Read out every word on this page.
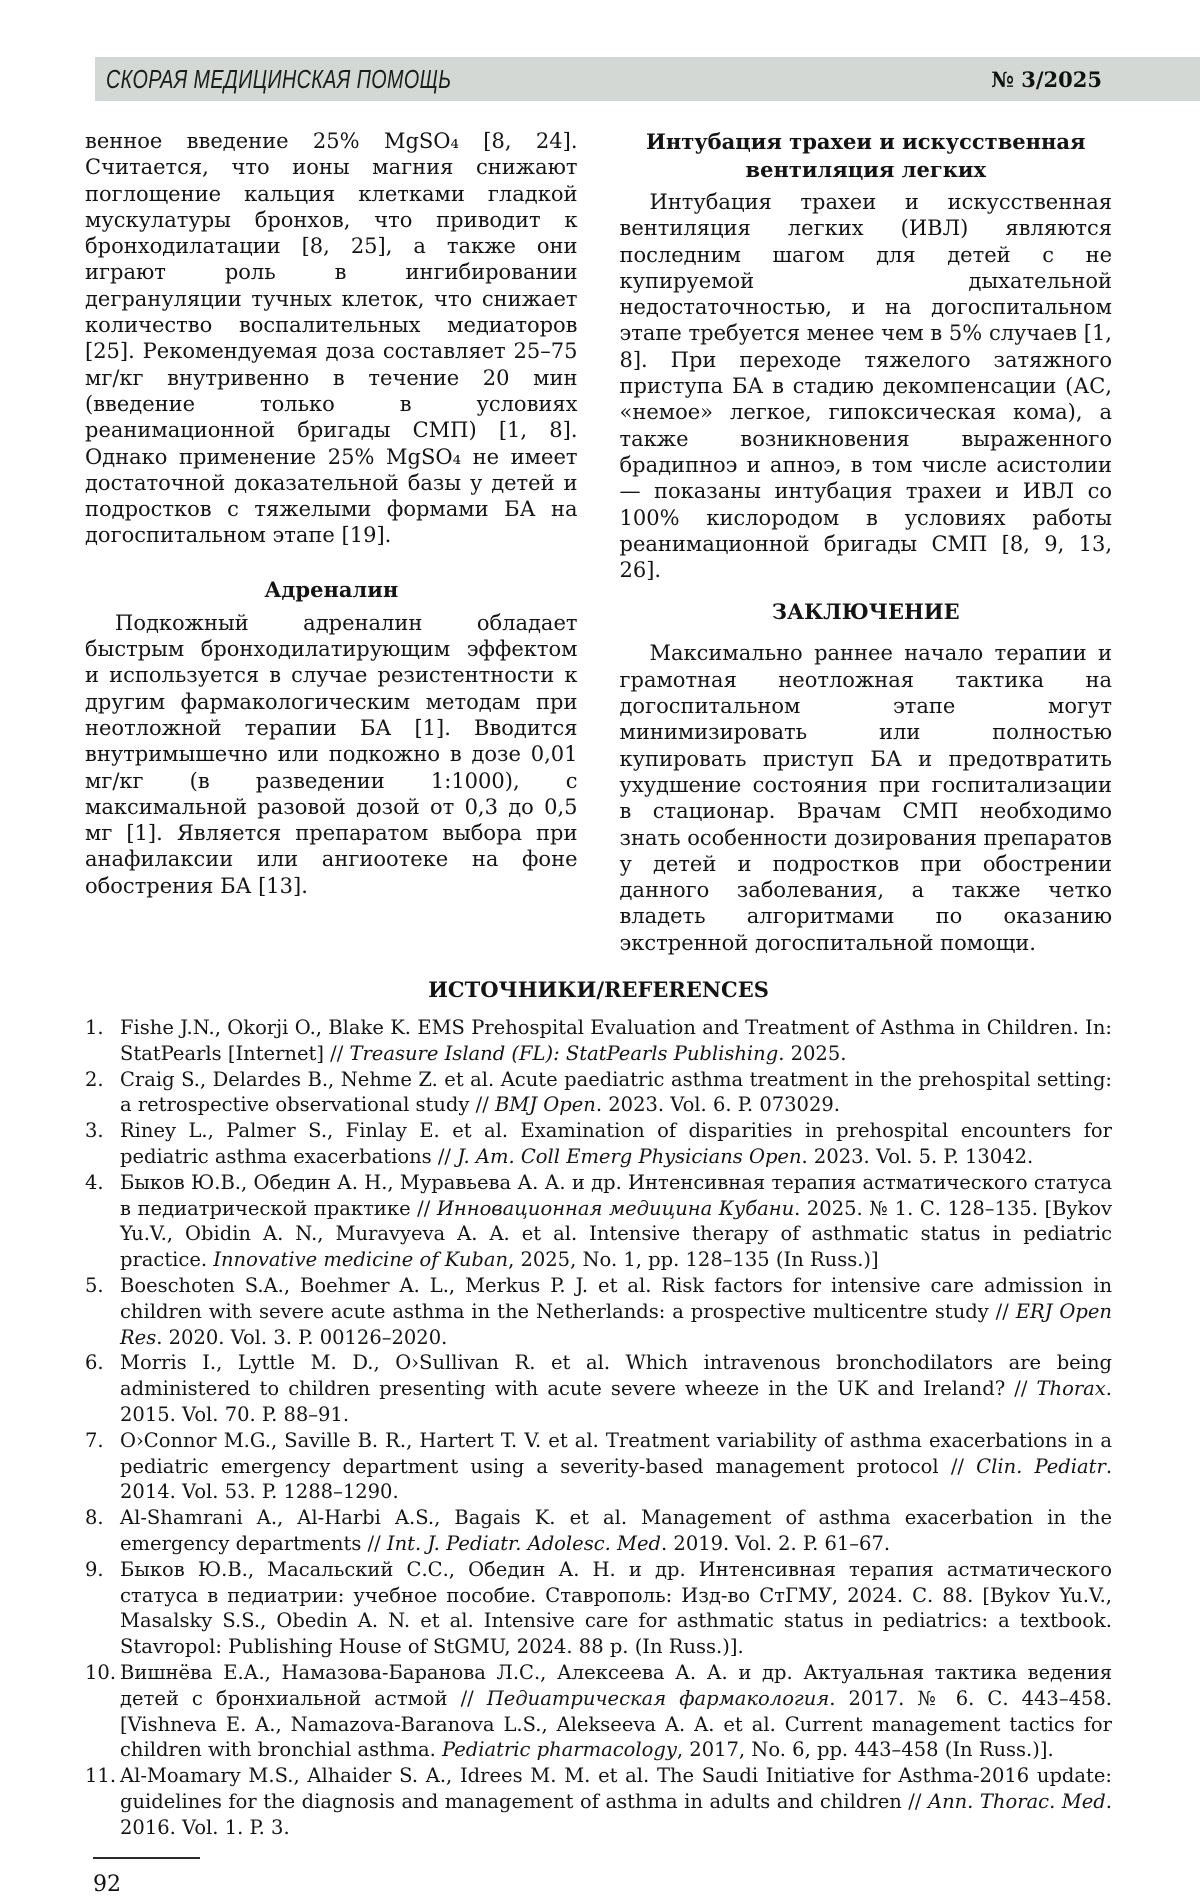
СКОРАЯ МЕДИЦИНСКАЯ ПОМОЩЬ	№ 3/2025

венное введение 25% MgSO₄ [8, 24]. Считается, что ионы магния снижают поглощение кальция клетками гладкой мускулатуры бронхов, что приводит к бронходилатации [8, 25], а также они играют роль в ингибировании дегрануляции тучных клеток, что снижает количество воспалительных медиаторов [25]. Рекомендуемая доза составляет 25–75 мг/кг внутривенно в течение 20 мин (введение только в условиях реанимационной бригады СМП) [1, 8]. Однако применение 25% MgSO₄ не имеет достаточной доказательной базы у детей и подростков с тяжелыми формами БА на догоспитальном этапе [19].

Адреналин

Подкожный адреналин обладает быстрым бронходилатирующим эффектом и используется в случае резистентности к другим фармакологическим методам при неотложной терапии БА [1]. Вводится внутримышечно или подкожно в дозе 0,01 мг/кг (в разведении 1:1000), с максимальной разовой дозой от 0,3 до 0,5 мг [1]. Является препаратом выбора при анафилаксии или ангиоотеке на фоне обострения БА [13].

Интубация трахеи и искусственная вентиляция легких

Интубация трахеи и искусственная вентиляция легких (ИВЛ) являются последним шагом для детей с не купируемой дыхательной недостаточностью, и на догоспитальном этапе требуется менее чем в 5% случаев [1, 8]. При переходе тяжелого затяжного приступа БА в стадию декомпенсации (АС, «немое» легкое, гипоксическая кома), а также возникновения выраженного брадипноэ и апноэ, в том числе асистолии — показаны интубация трахеи и ИВЛ со 100% кислородом в условиях работы реанимационной бригады СМП [8, 9, 13, 26].

ЗАКЛЮЧЕНИЕ

Максимально раннее начало терапии и грамотная неотложная тактика на догоспитальном этапе могут минимизировать или полностью купировать приступ БА и предотвратить ухудшение состояния при госпитализации в стационар. Врачам СМП необходимо знать особенности дозирования препаратов у детей и подростков при обострении данного заболевания, а также четко владеть алгоритмами по оказанию экстренной догоспитальной помощи.

ИСТОЧНИКИ/REFERENCES
1. Fishe J.N., Okorji O., Blake K. EMS Prehospital Evaluation and Treatment of Asthma in Children. In: StatPearls [Internet] // Treasure Island (FL): StatPearls Publishing. 2025.
2. Craig S., Delardes B., Nehme Z. et al. Acute paediatric asthma treatment in the prehospital setting: a retrospective observational study // BMJ Open. 2023. Vol. 6. P. 073029.
3. Riney L., Palmer S., Finlay E. et al. Examination of disparities in prehospital encounters for pediatric asthma exacerbations // J. Am. Coll Emerg Physicians Open. 2023. Vol. 5. P. 13042.
4. Быков Ю.В., Обедин А. Н., Муравьева А. А. и др. Интенсивная терапия астматического статуса в педиатрической практике // Инновационная медицина Кубани. 2025. № 1. С. 128–135. [Bykov Yu.V., Obidin A. N., Muravyeva A. A. et al. Intensive therapy of asthmatic status in pediatric practice. Innovative medicine of Kuban, 2025, No. 1, pp. 128–135 (In Russ.)]
5. Boeschoten S.A., Boehmer A. L., Merkus P. J. et al. Risk factors for intensive care admission in children with severe acute asthma in the Netherlands: a prospective multicentre study // ERJ Open Res. 2020. Vol. 3. P. 00126–2020.
6. Morris I., Lyttle M. D., O›Sullivan R. et al. Which intravenous bronchodilators are being administered to children presenting with acute severe wheeze in the UK and Ireland? // Thorax. 2015. Vol. 70. P. 88–91.
7. O›Connor M.G., Saville B. R., Hartert T. V. et al. Treatment variability of asthma exacerbations in a pediatric emergency department using a severity-based management protocol // Clin. Pediatr. 2014. Vol. 53. P. 1288–1290.
8. Al-Shamrani A., Al-Harbi A.S., Bagais K. et al. Management of asthma exacerbation in the emergency departments // Int. J. Pediatr. Adolesc. Med. 2019. Vol. 2. P. 61–67.
9. Быков Ю.В., Масальский С.С., Обедин А. Н. и др. Интенсивная терапия астматического статуса в педиатрии: учебное пособие. Ставрополь: Изд-во СтГМУ, 2024. С. 88. [Bykov Yu.V., Masalsky S.S., Obedin A. N. et al. Intensive care for asthmatic status in pediatrics: a textbook. Stavropol: Publishing House of StGMU, 2024. 88 p. (In Russ.)].
10. Вишнёва Е.А., Намазова-Баранова Л.С., Алексеева А. А. и др. Актуальная тактика ведения детей с бронхиальной астмой // Педиатрическая фармакология. 2017. № 6. С. 443–458. [Vishneva E. A., Namazova-Baranova L.S., Alekseeva A. A. et al. Current management tactics for children with bronchial asthma. Pediatric pharmacology, 2017, No. 6, pp. 443–458 (In Russ.)].
11. Al-Moamary M.S., Alhaider S. A., Idrees M. M. et al. The Saudi Initiative for Asthma-2016 update: guidelines for the diagnosis and management of asthma in adults and children // Ann. Thorac. Med. 2016. Vol. 1. P. 3.
92
